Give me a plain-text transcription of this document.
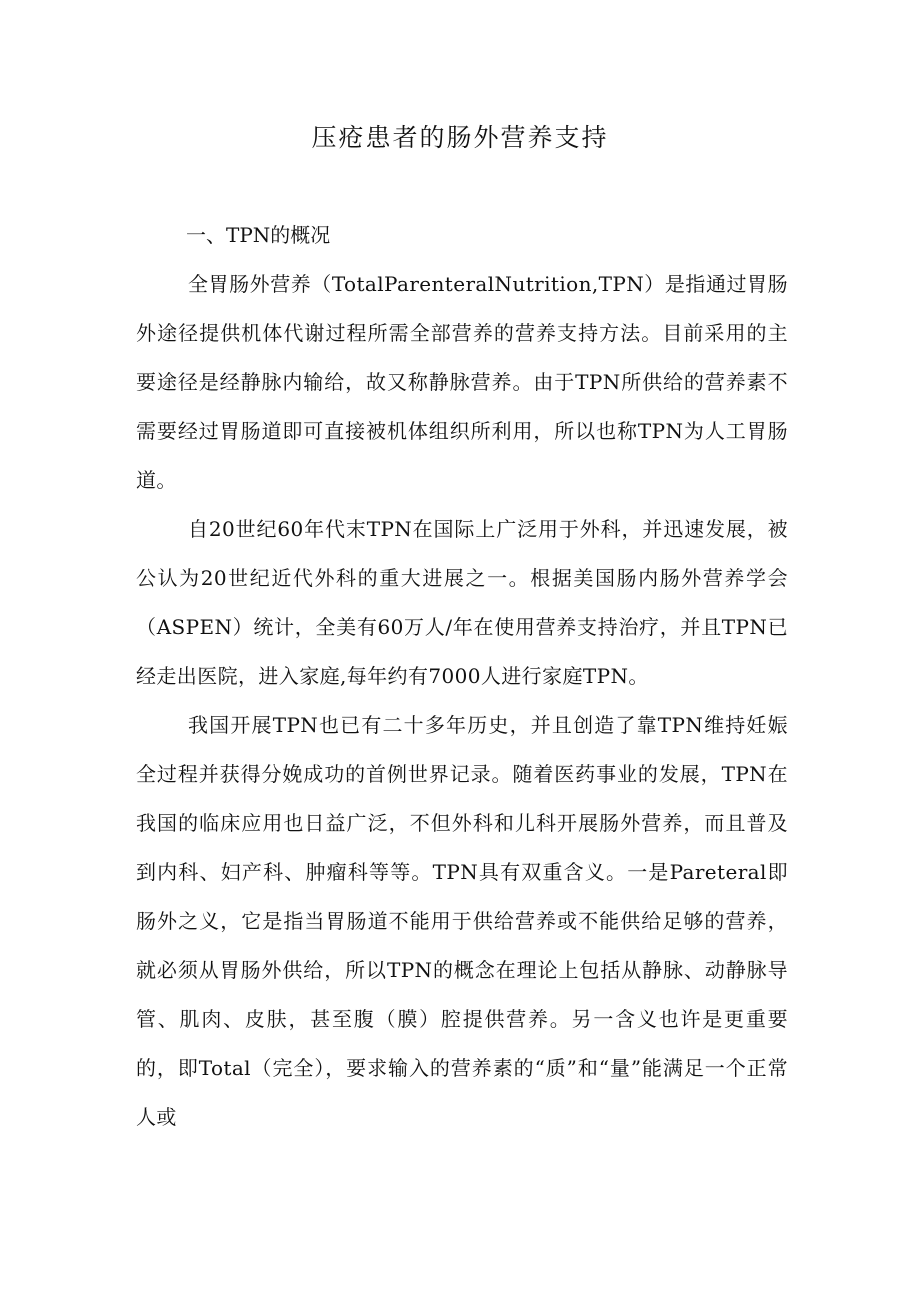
压疮患者的肠外营养支持

一、TPN的概况

全胃肠外营养（TotalParenteralNutrition,TPN）是指通过胃肠外途径提供机体代谢过程所需全部营养的营养支持方法。目前采用的主要途径是经静脉内输给，故又称静脉营养。由于TPN所供给的营养素不需要经过胃肠道即可直接被机体组织所利用，所以也称TPN为人工胃肠道。

自20世纪60年代末TPN在国际上广泛用于外科，并迅速发展，被公认为20世纪近代外科的重大进展之一。根据美国肠内肠外营养学会（ASPEN）统计，全美有60万人/年在使用营养支持治疗，并且TPN已经走出医院，进入家庭,每年约有7000人进行家庭TPN。

我国开展TPN也已有二十多年历史，并且创造了靠TPN维持妊娠全过程并获得分娩成功的首例世界记录。随着医药事业的发展，TPN在我国的临床应用也日益广泛，不但外科和儿科开展肠外营养，而且普及到内科、妇产科、肿瘤科等等。TPN具有双重含义。一是Pareteral即肠外之义，它是指当胃肠道不能用于供给营养或不能供给足够的营养，就必须从胃肠外供给，所以TPN的概念在理论上包括从静脉、动静脉导管、肌肉、皮肤，甚至腹（膜）腔提供营养。另一含义也许是更重要的，即Total（完全），要求输入的营养素的“质”和“量”能满足一个正常人或
